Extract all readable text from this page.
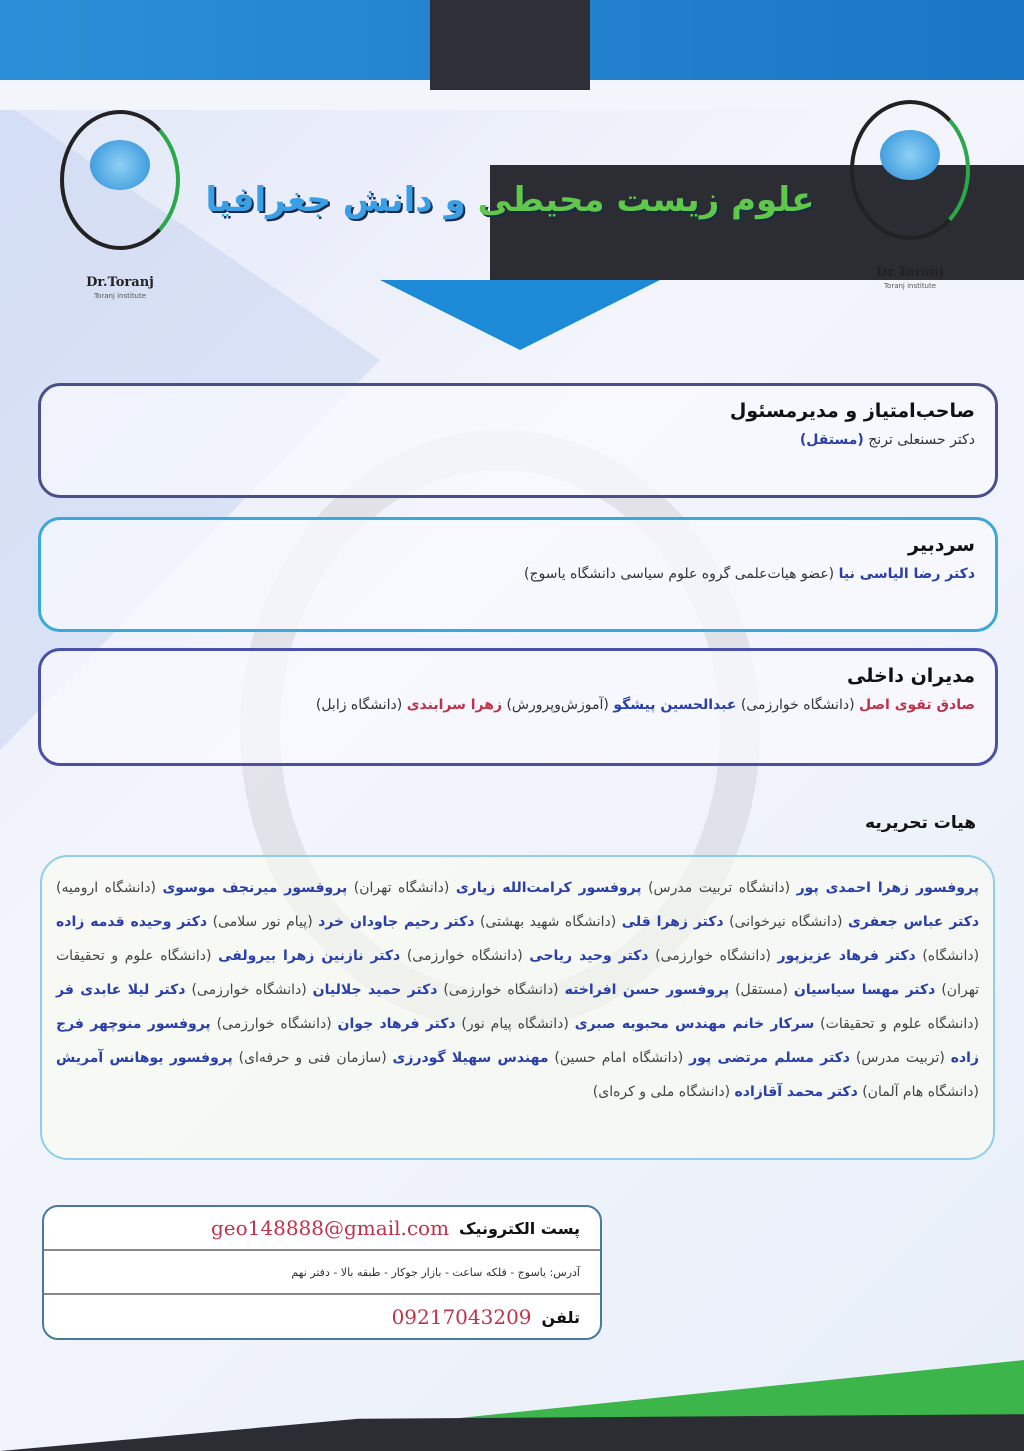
علوم زیست محیطی و دانش جغرافیا
Dr.Toranj
Toranj institute
Dr.Toranj
Toranj institute
صاحب‌امتیاز و مدیرمسئول

دکتر حسنعلی ترنج (مستقل)

سردبیر

دکتر رضا الیاسی نیا (عضو هیات‌علمی گروه علوم سیاسی دانشگاه یاسوج)

مدیران داخلی

صادق تقوی اصل (دانشگاه خوارزمی) عبدالحسین پیشگو (آموزش‌وپرورش) زهرا سرابندی (دانشگاه زابل)

هیات تحریریه
پروفسور زهرا احمدی پور (دانشگاه تربیت مدرس) پروفسور کرامت‌الله زیاری (دانشگاه تهران) پروفسور میرنجف موسوی (دانشگاه ارومیه) دکتر عباس جعفری (دانشگاه نیرخوانی) دکتر زهرا قلی (دانشگاه شهید بهشتی) دکتر رحیم جاودان خرد (پیام نور سلامی) دکتر وحیده قدمه زاده (دانشگاه) دکتر فرهاد عزیزپور (دانشگاه خوارزمی) دکتر وحید ریاحی (دانشگاه خوارزمی) دکتر نازنین زهرا بیرولفی (دانشگاه علوم و تحقیقات تهران) دکتر مهسا سیاسیان (مستقل) پروفسور حسن افراخته (دانشگاه خوارزمی) دکتر حمید جلالیان (دانشگاه خوارزمی) دکتر لیلا عابدی فر (دانشگاه علوم و تحقیقات) سرکار خانم مهندس محبوبه صبری (دانشگاه پیام نور) دکتر فرهاد جوان (دانشگاه خوارزمی) پروفسور منوچهر فرج زاده (تربیت مدرس) دکتر مسلم مرتضی پور (دانشگاه امام حسین) مهندس سهیلا گودرزی (سازمان فنی و حرفه‌ای) پروفسور یوهانس آمریش (دانشگاه هام آلمان) دکتر محمد آقازاده (دانشگاه ملی و کره‌ای)
پست الکترونیک
geo148888@gmail.com
آدرس: یاسوج - فلکه ساعت - بازار جوکار - طبقه بالا - دفتر نهم
تلفن
09217043209
